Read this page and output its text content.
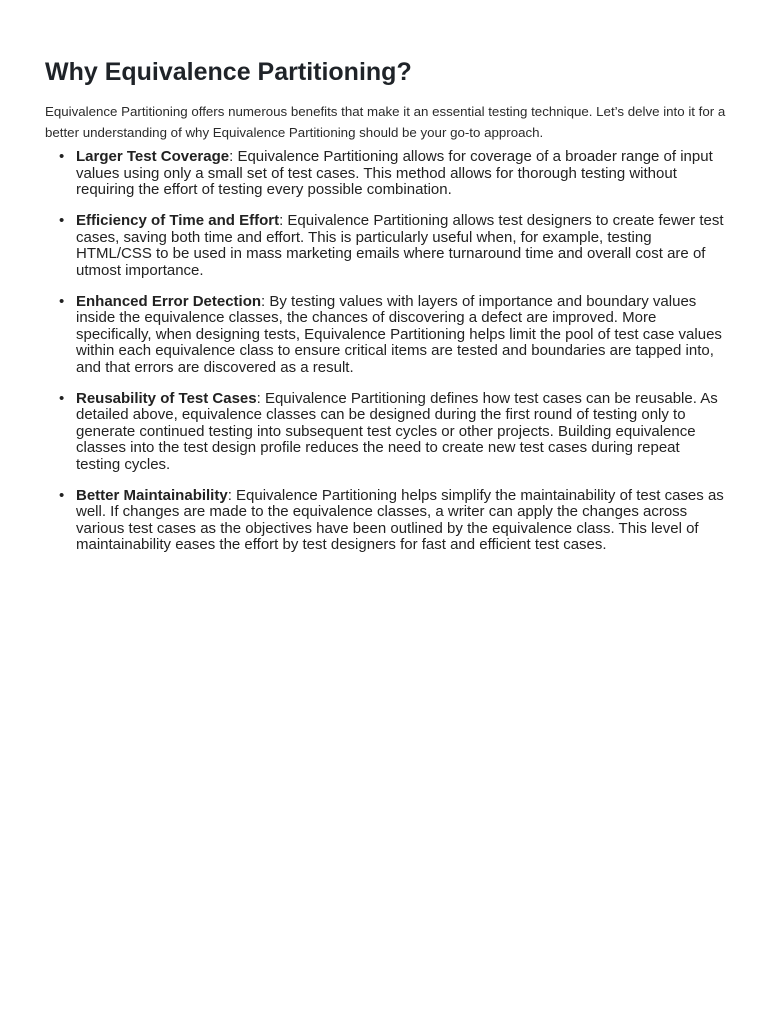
Why Equivalence Partitioning?

Equivalence Partitioning offers numerous benefits that make it an essential testing technique. Let’s delve into it for a better understanding of why Equivalence Partitioning should be your go-to approach.

• Larger Test Coverage: Equivalence Partitioning allows for coverage of a broader range of input values using only a small set of test cases. This method allows for thorough testing without requiring the effort of testing every possible combination.
• Efficiency of Time and Effort: Equivalence Partitioning allows test designers to create fewer test cases, saving both time and effort. This is particularly useful when, for example, testing HTML/CSS to be used in mass marketing emails where turnaround time and overall cost are of utmost importance.
• Enhanced Error Detection: By testing values with layers of importance and boundary values inside the equivalence classes, the chances of discovering a defect are improved. More specifically, when designing tests, Equivalence Partitioning helps limit the pool of test case values within each equivalence class to ensure critical items are tested and boundaries are tapped into, and that errors are discovered as a result.
• Reusability of Test Cases: Equivalence Partitioning defines how test cases can be reusable. As detailed above, equivalence classes can be designed during the first round of testing only to generate continued testing into subsequent test cycles or other projects. Building equivalence classes into the test design profile reduces the need to create new test cases during repeat testing cycles.
• Better Maintainability: Equivalence Partitioning helps simplify the maintainability of test cases as well. If changes are made to the equivalence classes, a writer can apply the changes across various test cases as the objectives have been outlined by the equivalence class. This level of maintainability eases the effort by test designers for fast and efficient test cases.
